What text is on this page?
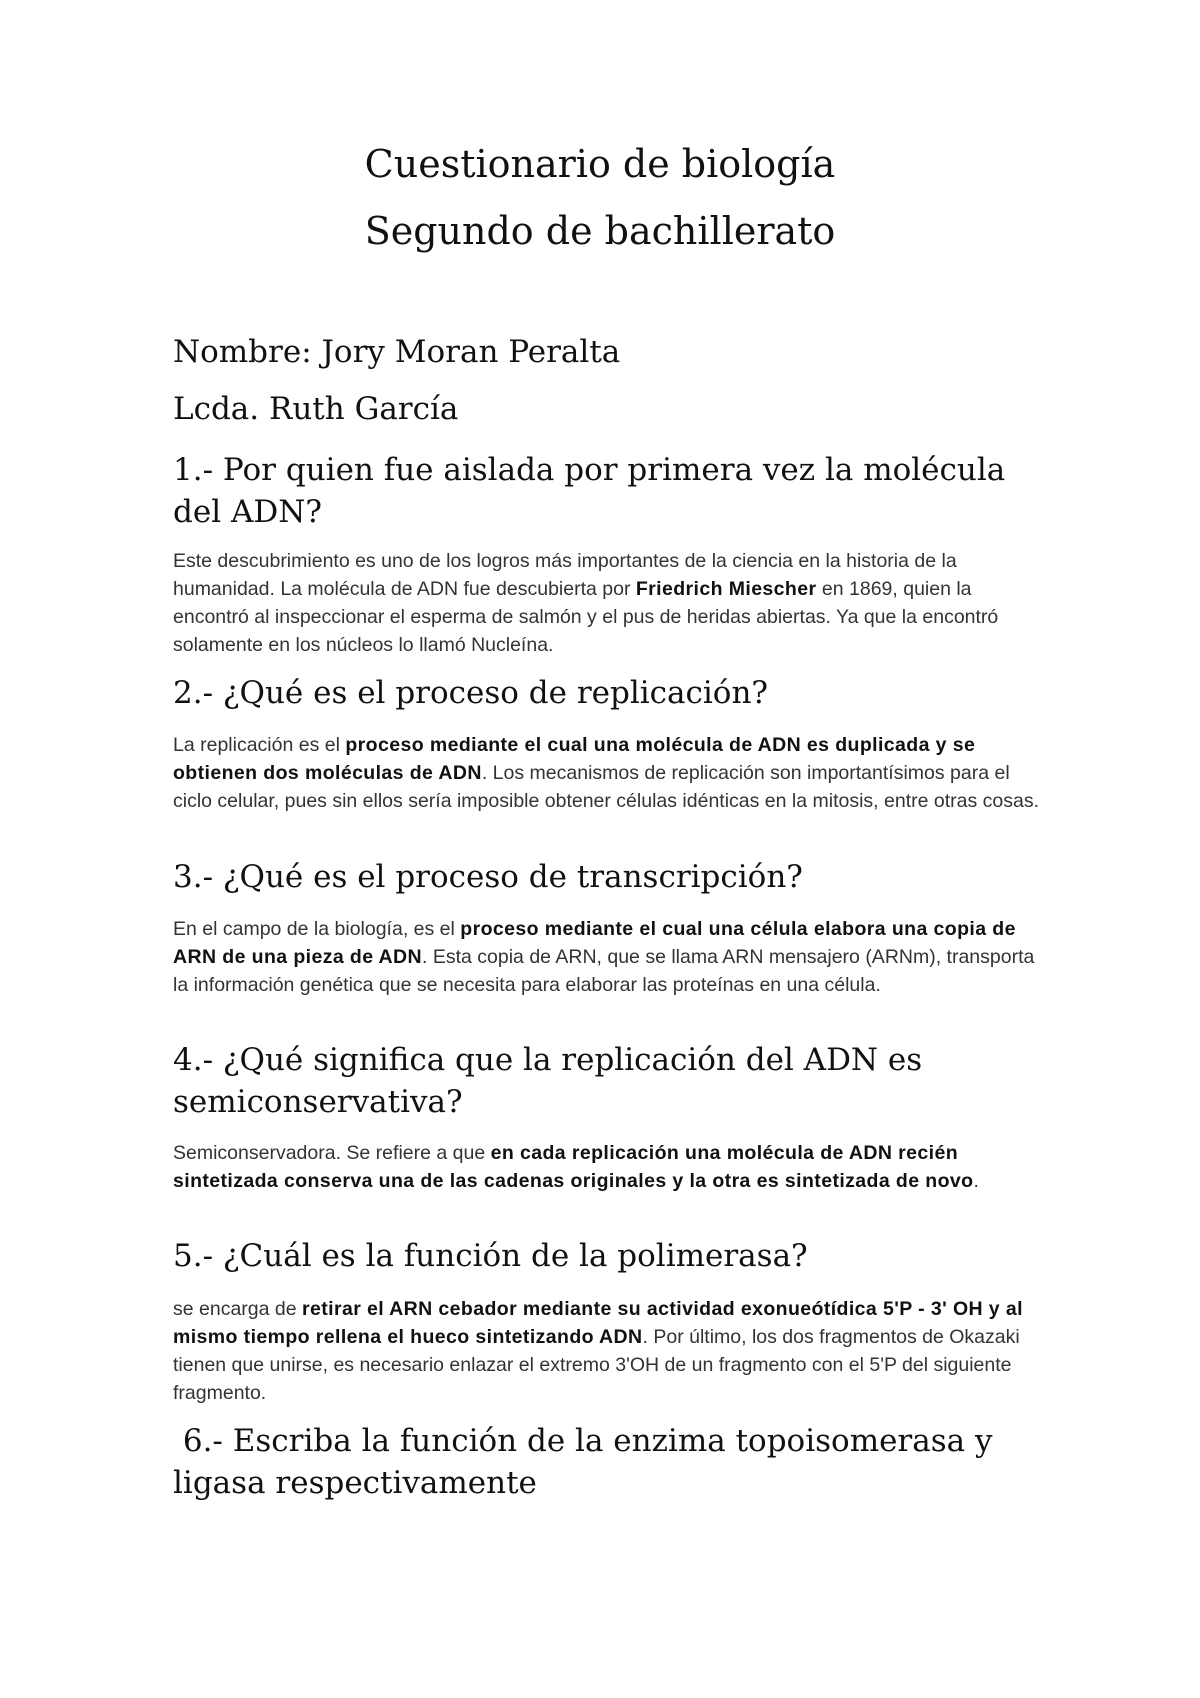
Cuestionario de biología
Segundo de bachillerato

Nombre: Jory Moran Peralta

Lcda. Ruth García

1.- Por quien fue aislada por primera vez la molécula del ADN?

Este descubrimiento es uno de los logros más importantes de la ciencia en la historia de la humanidad. La molécula de ADN fue descubierta por Friedrich Miescher en 1869, quien la encontró al inspeccionar el esperma de salmón y el pus de heridas abiertas. Ya que la encontró solamente en los núcleos lo llamó Nucleína.

2.- ¿Qué es el proceso de replicación?

La replicación es el proceso mediante el cual una molécula de ADN es duplicada y se obtienen dos moléculas de ADN. Los mecanismos de replicación son importantísimos para el ciclo celular, pues sin ellos sería imposible obtener células idénticas en la mitosis, entre otras cosas.

3.- ¿Qué es el proceso de transcripción?

En el campo de la biología, es el proceso mediante el cual una célula elabora una copia de ARN de una pieza de ADN. Esta copia de ARN, que se llama ARN mensajero (ARNm), transporta la información genética que se necesita para elaborar las proteínas en una célula.

4.- ¿Qué significa que la replicación del ADN es semiconservativa?

Semiconservadora. Se refiere a que en cada replicación una molécula de ADN recién sintetizada conserva una de las cadenas originales y la otra es sintetizada de novo.

5.- ¿Cuál es la función de la polimerasa?

se encarga de retirar el ARN cebador mediante su actividad exonueótídica 5'P - 3' OH y al mismo tiempo rellena el hueco sintetizando ADN. Por último, los dos fragmentos de Okazaki tienen que unirse, es necesario enlazar el extremo 3'OH de un fragmento con el 5'P del siguiente fragmento.

6.- Escriba la función de la enzima topoisomerasa y ligasa respectivamente
